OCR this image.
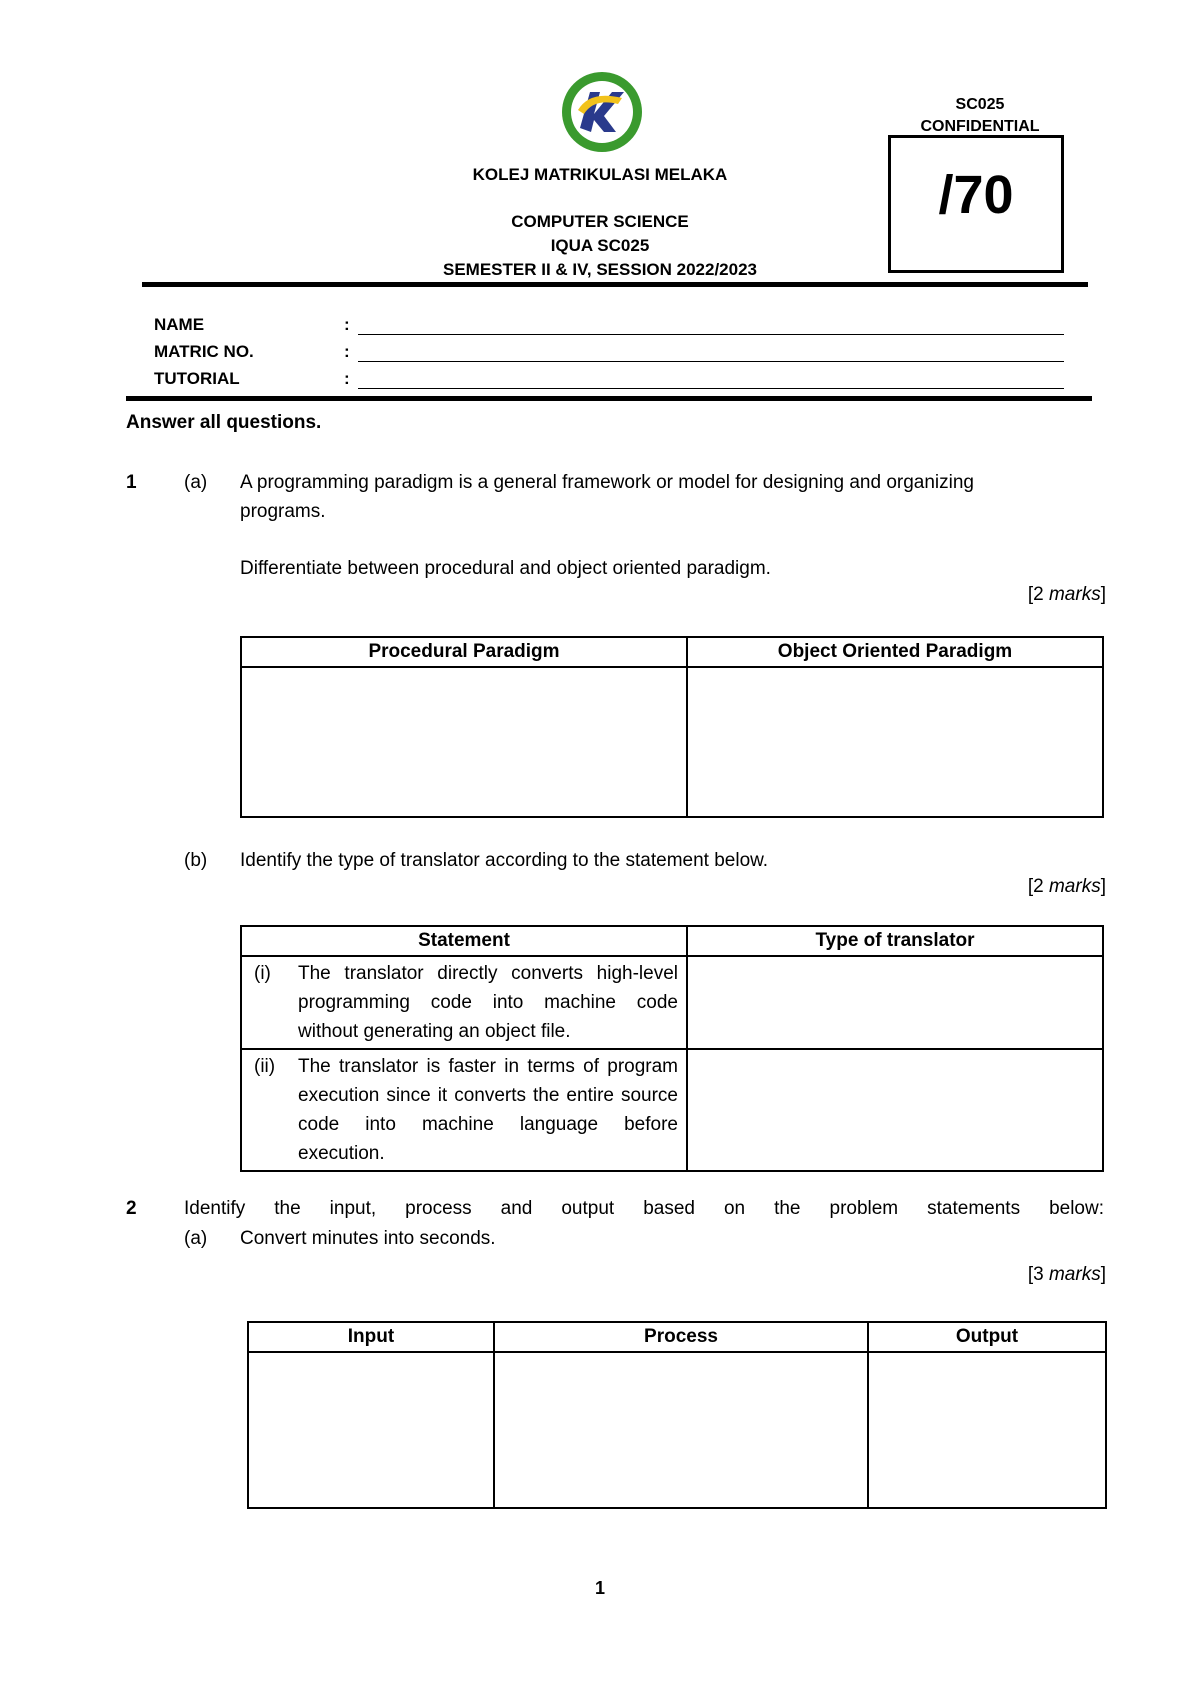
KOLEJ MATRIKULASI MELAKA
COMPUTER SCIENCE
IQUA SC025
SEMESTER II & IV, SESSION 2022/2023
SC025
CONFIDENTIAL
/70
NAME	:
MATRIC NO.	:
TUTORIAL	:
Answer all questions.
1 (a) A programming paradigm is a general framework or model for designing and organizing
programs.
Differentiate between procedural and object oriented paradigm.
[2 marks]
Procedural Paradigm	Object Oriented Paradigm

(b) Identify the type of translator according to the statement below.
[2 marks]
Statement	Type of translator

(i) The translator directly converts high-level programming code into machine code without generating an object file.	

(ii) The translator is faster in terms of program execution since it converts the entire source code into machine language before execution.	

2 Identify the input, process and output based on the problem statements below:
(a) Convert minutes into seconds.
[3 marks]
Input	Process	Output

1
